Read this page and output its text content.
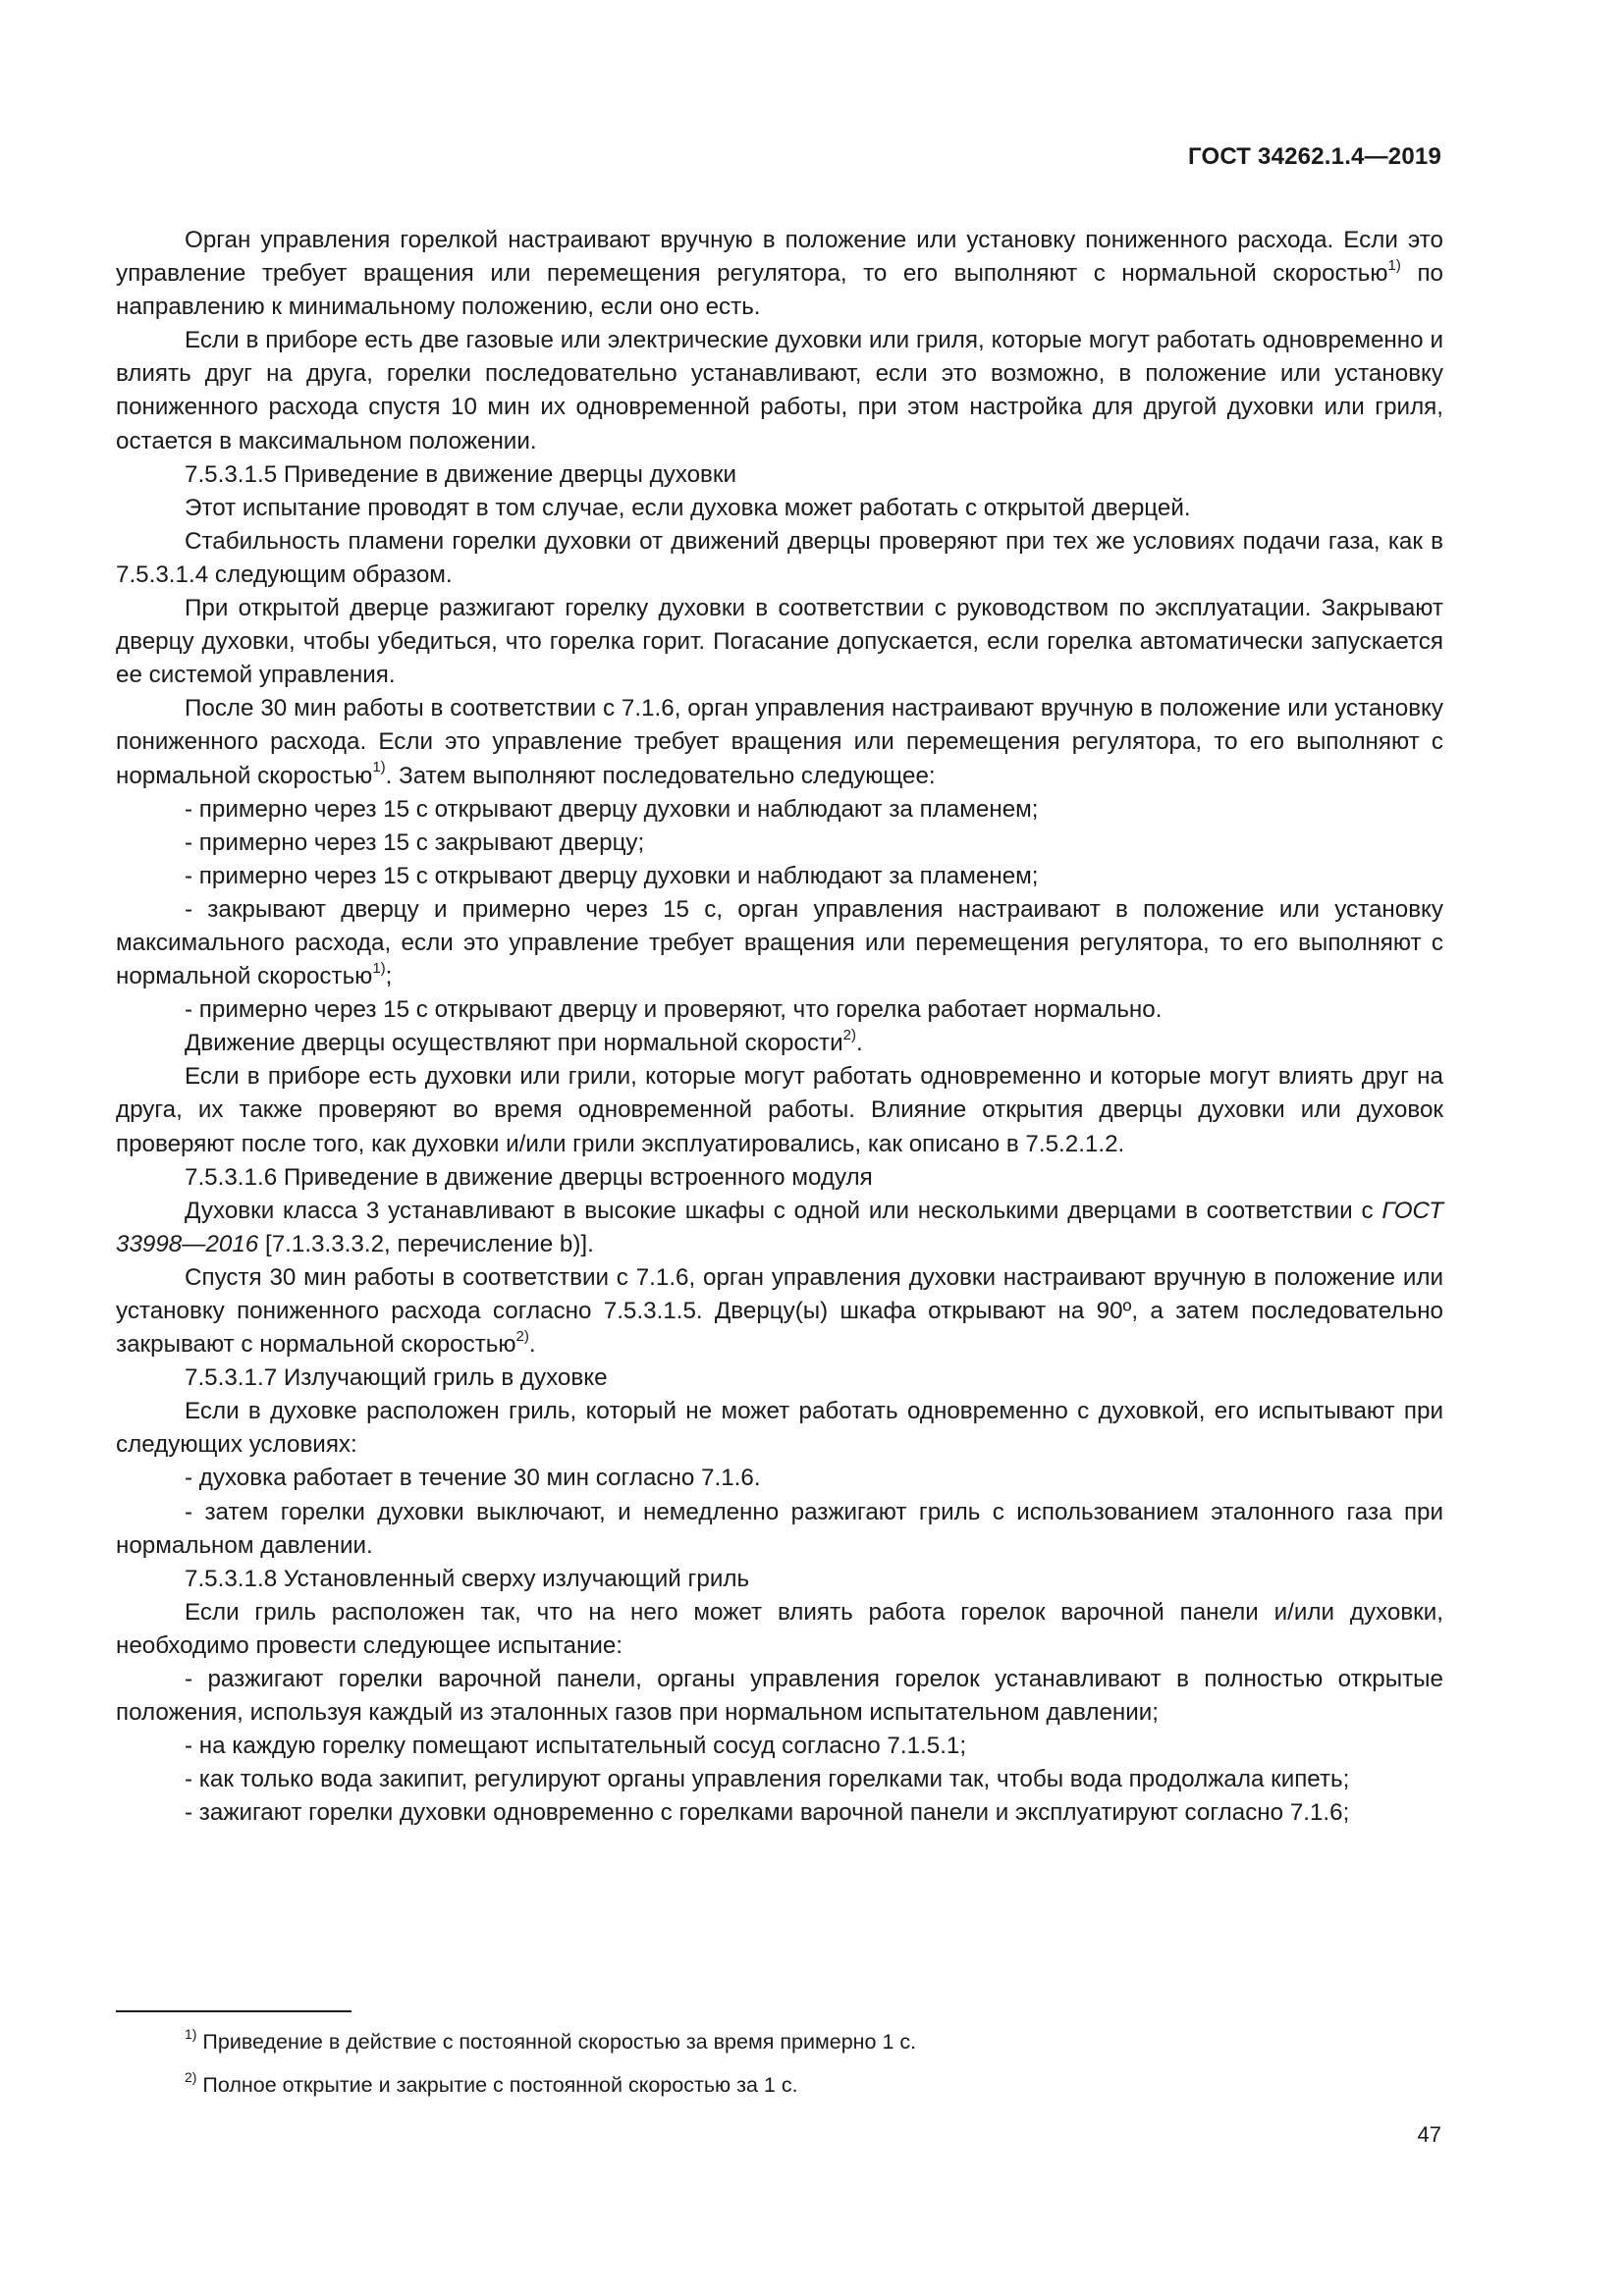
ГОСТ 34262.1.4—2019

Орган управления горелкой настраивают вручную в положение или установку пониженного расхода. Если это управление требует вращения или перемещения регулятора, то его выполняют с нормальной скоростью$^{1)}$ по направлению к минимальному положению, если оно есть.

Если в приборе есть две газовые или электрические духовки или гриля, которые могут работать одновременно и влиять друг на друга, горелки последовательно устанавливают, если это возможно, в положение или установку пониженного расхода спустя 10 мин их одновременной работы, при этом настройка для другой духовки или гриля, остается в максимальном положении.

7.5.3.1.5 Приведение в движение дверцы духовки

Этот испытание проводят в том случае, если духовка может работать с открытой дверцей.

Стабильность пламени горелки духовки от движений дверцы проверяют при тех же условиях подачи газа, как в 7.5.3.1.4 следующим образом.

При открытой дверце разжигают горелку духовки в соответствии с руководством по эксплуатации. Закрывают дверцу духовки, чтобы убедиться, что горелка горит. Погасание допускается, если горелка автоматически запускается ее системой управления.

После 30 мин работы в соответствии с 7.1.6, орган управления настраивают вручную в положение или установку пониженного расхода. Если это управление требует вращения или перемещения регулятора, то его выполняют с нормальной скоростью$^{1)}$. Затем выполняют последовательно следующее:

- примерно через 15 с открывают дверцу духовки и наблюдают за пламенем;

- примерно через 15 с закрывают дверцу;

- примерно через 15 с открывают дверцу духовки и наблюдают за пламенем;

- закрывают дверцу и примерно через 15 с, орган управления настраивают в положение или установку максимального расхода, если это управление требует вращения или перемещения регулятора, то его выполняют с нормальной скоростью$^{1)}$;

- примерно через 15 с открывают дверцу и проверяют, что горелка работает нормально.

Движение дверцы осуществляют при нормальной скорости$^{2)}$.

Если в приборе есть духовки или грили, которые могут работать одновременно и которые могут влиять друг на друга, их также проверяют во время одновременной работы. Влияние открытия дверцы духовки или духовок проверяют после того, как духовки и/или грили эксплуатировались, как описано в 7.5.2.1.2.

7.5.3.1.6 Приведение в движение дверцы встроенного модуля

Духовки класса 3 устанавливают в высокие шкафы с одной или несколькими дверцами в соответствии с ГОСТ 33998—2016 [7.1.3.3.3.2, перечисление b)].

Спустя 30 мин работы в соответствии с 7.1.6, орган управления духовки настраивают вручную в положение или установку пониженного расхода согласно 7.5.3.1.5. Дверцу(ы) шкафа открывают на 90º, а затем последовательно закрывают с нормальной скоростью$^{2)}$.

7.5.3.1.7 Излучающий гриль в духовке

Если в духовке расположен гриль, который не может работать одновременно с духовкой, его испытывают при следующих условиях:

- духовка работает в течение 30 мин согласно 7.1.6.

- затем горелки духовки выключают, и немедленно разжигают гриль с использованием эталонного газа при нормальном давлении.

7.5.3.1.8 Установленный сверху излучающий гриль

Если гриль расположен так, что на него может влиять работа горелок варочной панели и/или духовки, необходимо провести следующее испытание:

- разжигают горелки варочной панели, органы управления горелок устанавливают в полностью открытые положения, используя каждый из эталонных газов при нормальном испытательном давлении;

- на каждую горелку помещают испытательный сосуд согласно 7.1.5.1;

- как только вода закипит, регулируют органы управления горелками так, чтобы вода продолжала кипеть;

- зажигают горелки духовки одновременно с горелками варочной панели и эксплуатируют согласно 7.1.6;

$^{1)}$ Приведение в действие с постоянной скоростью за время примерно 1 с.

$^{2)}$ Полное открытие и закрытие с постоянной скоростью за 1 с.

47
